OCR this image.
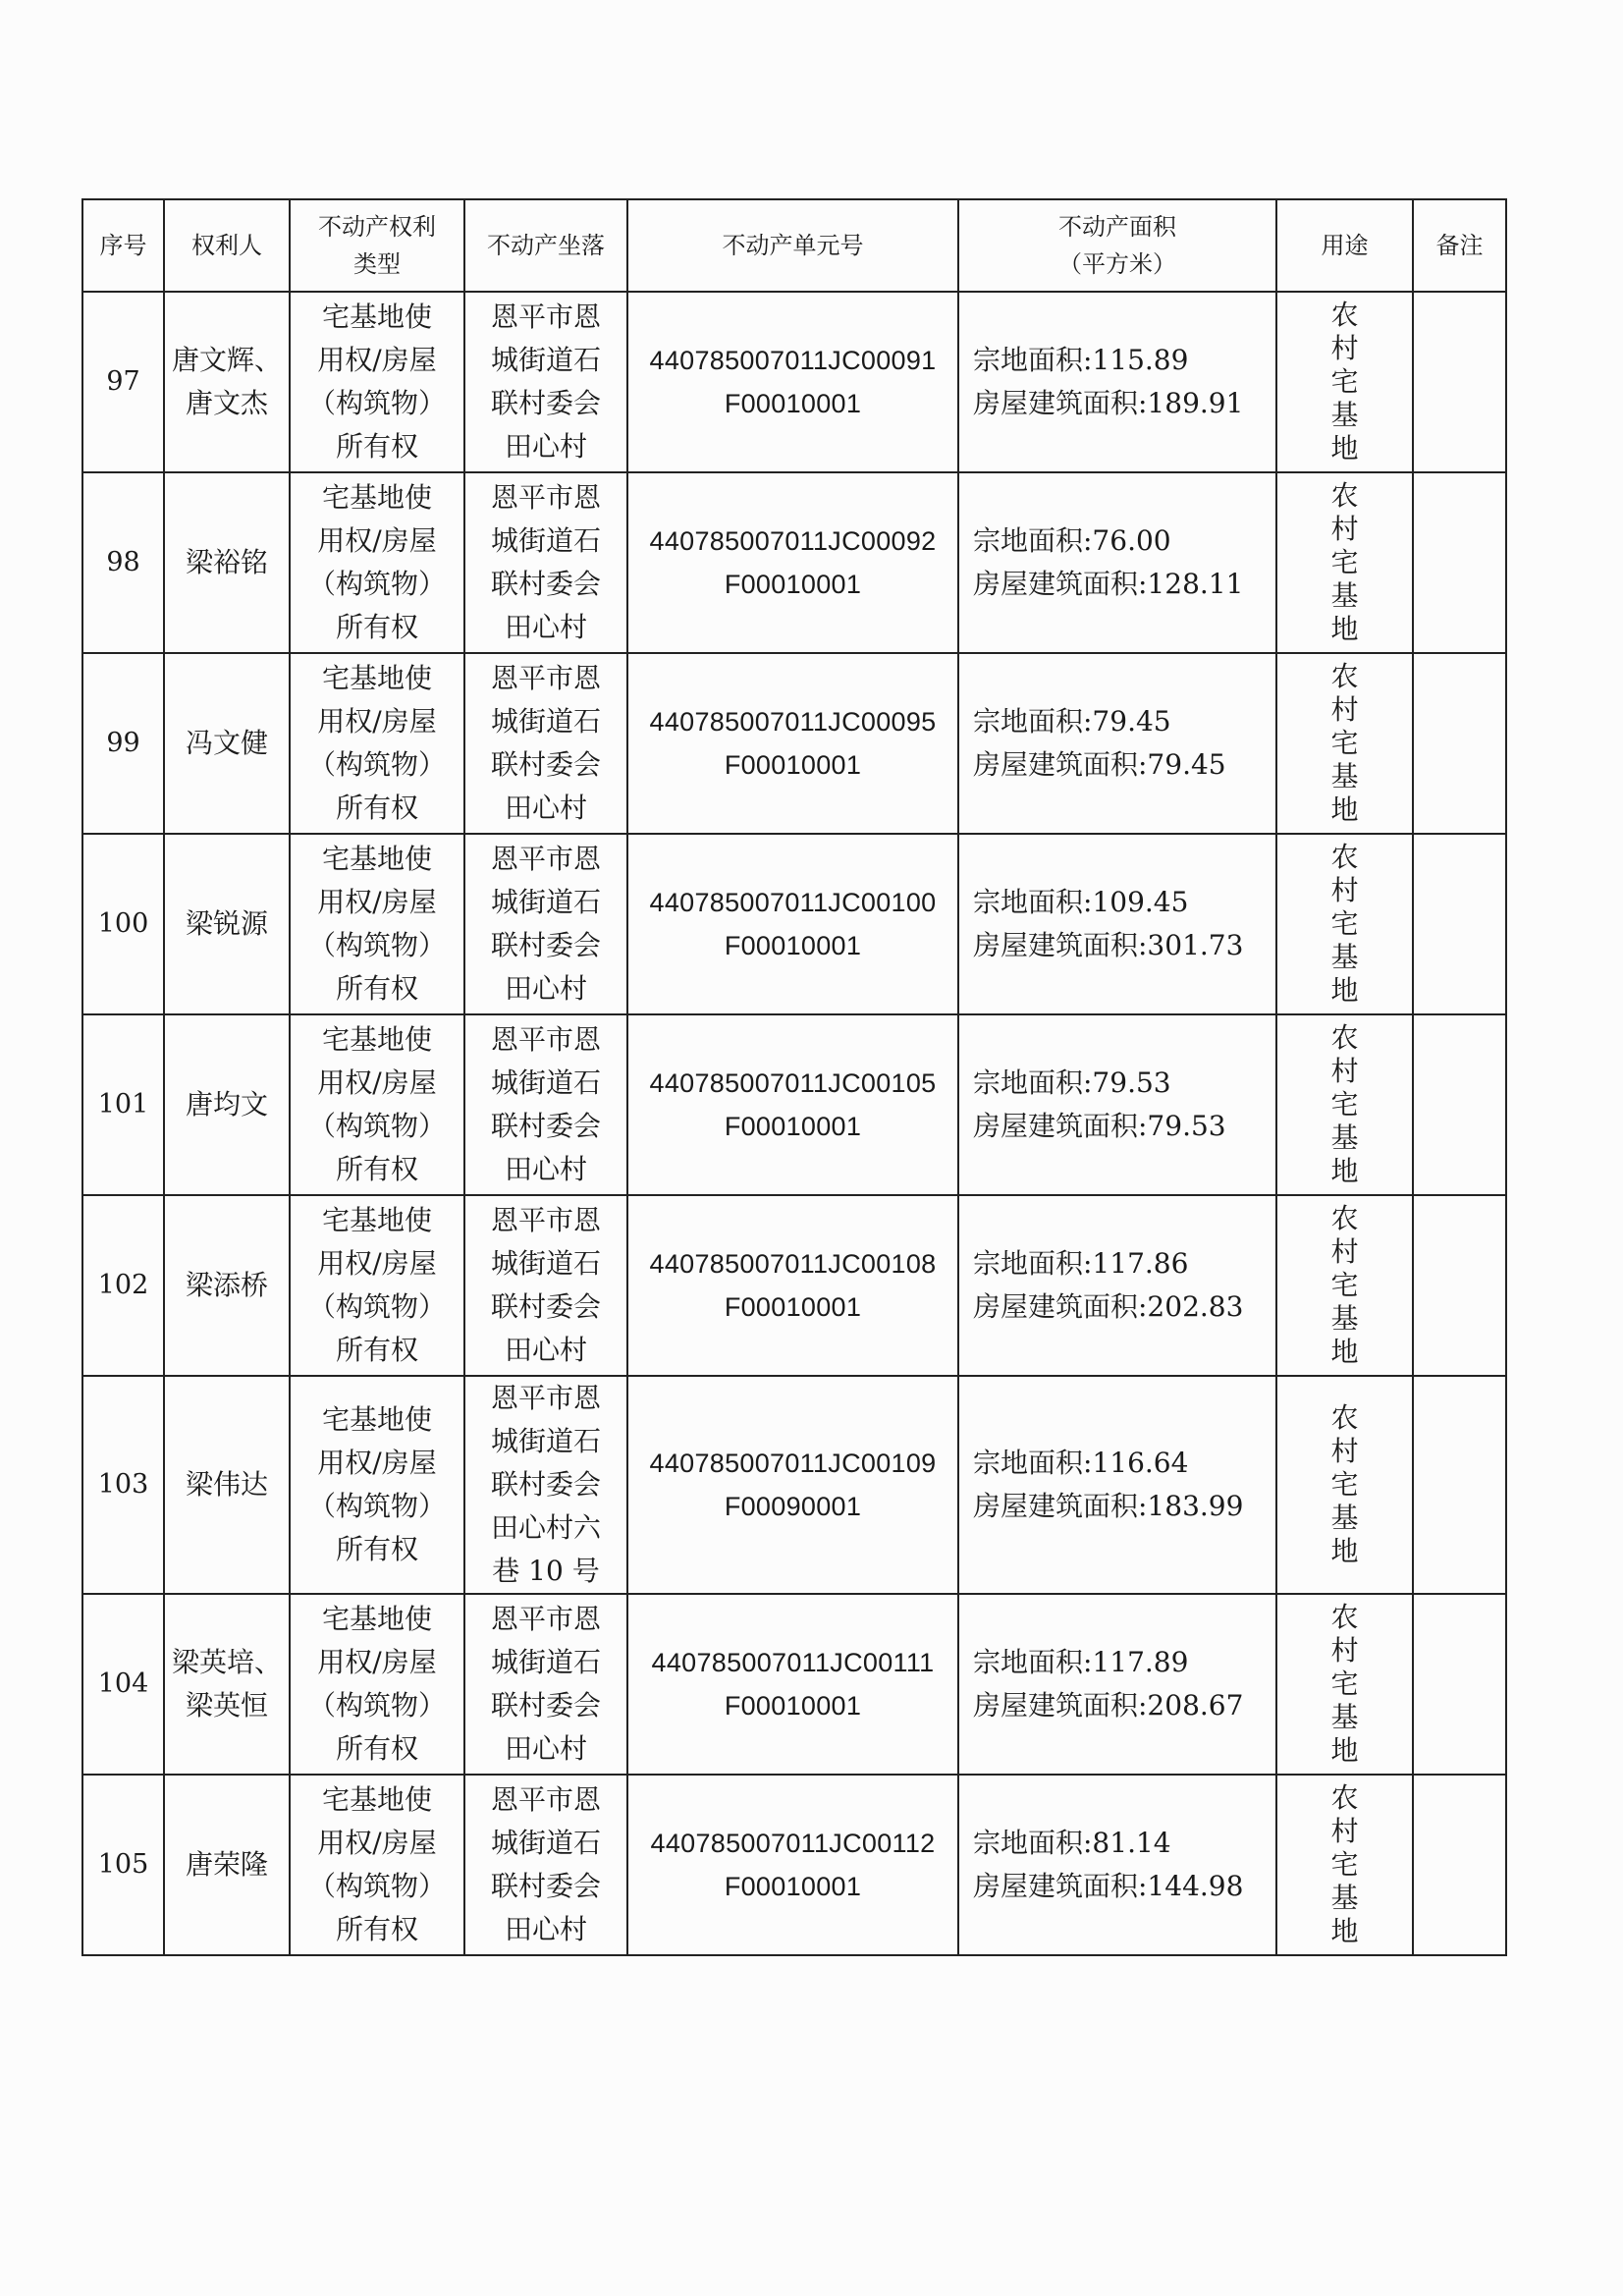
序号	权利人	不动产权利
类型	不动产坐落	不动产单元号	不动产面积
（平方米）	用途	备注
97	唐文辉、
唐文杰	宅基地使
用权/房屋
（构筑物）
所有权	恩平市恩
城街道石
联村委会
田心村	440785007011JC00091
F00010001	宗地面积:115.89
房屋建筑面积:189.91	农
村
宅
基
地	

98	梁裕铭	宅基地使
用权/房屋
（构筑物）
所有权	恩平市恩
城街道石
联村委会
田心村	440785007011JC00092
F00010001	宗地面积:76.00
房屋建筑面积:128.11	农
村
宅
基
地	

99	冯文健	宅基地使
用权/房屋
（构筑物）
所有权	恩平市恩
城街道石
联村委会
田心村	440785007011JC00095
F00010001	宗地面积:79.45
房屋建筑面积:79.45	农
村
宅
基
地	

100	梁锐源	宅基地使
用权/房屋
（构筑物）
所有权	恩平市恩
城街道石
联村委会
田心村	440785007011JC00100
F00010001	宗地面积:109.45
房屋建筑面积:301.73	农
村
宅
基
地	

101	唐均文	宅基地使
用权/房屋
（构筑物）
所有权	恩平市恩
城街道石
联村委会
田心村	440785007011JC00105
F00010001	宗地面积:79.53
房屋建筑面积:79.53	农
村
宅
基
地	

102	梁添桥	宅基地使
用权/房屋
（构筑物）
所有权	恩平市恩
城街道石
联村委会
田心村	440785007011JC00108
F00010001	宗地面积:117.86
房屋建筑面积:202.83	农
村
宅
基
地	

103	梁伟达	宅基地使
用权/房屋
（构筑物）
所有权	恩平市恩
城街道石
联村委会
田心村六
巷 10 号	440785007011JC00109
F00090001	宗地面积:116.64
房屋建筑面积:183.99	农
村
宅
基
地	

104	梁英培、
梁英恒	宅基地使
用权/房屋
（构筑物）
所有权	恩平市恩
城街道石
联村委会
田心村	440785007011JC00111
F00010001	宗地面积:117.89
房屋建筑面积:208.67	农
村
宅
基
地	

105	唐荣隆	宅基地使
用权/房屋
（构筑物）
所有权	恩平市恩
城街道石
联村委会
田心村	440785007011JC00112
F00010001	宗地面积:81.14
房屋建筑面积:144.98	农
村
宅
基
地	
